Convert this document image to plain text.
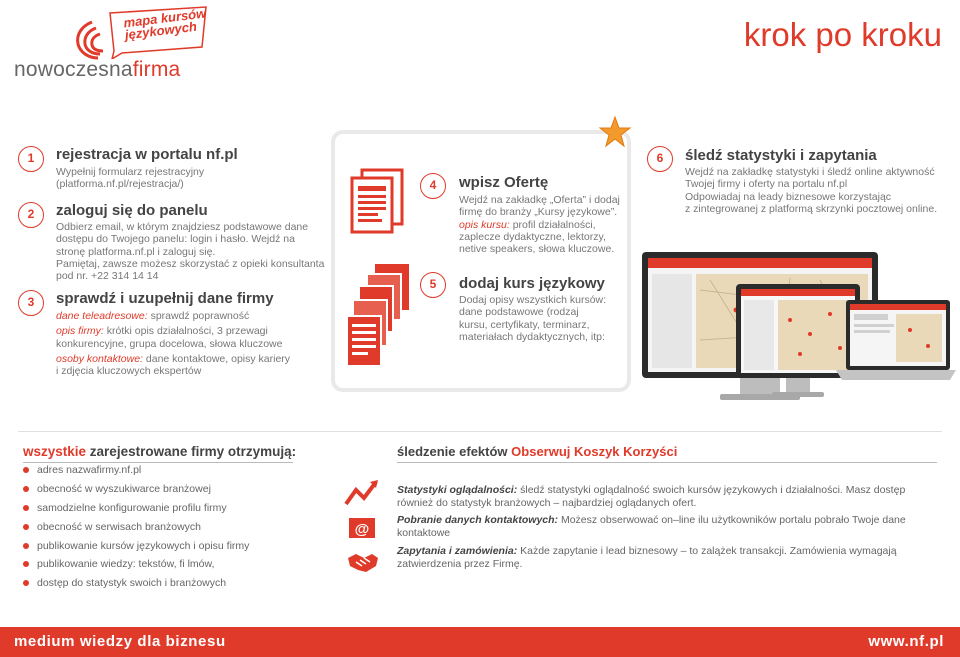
nowoczesnafirma
mapa kursów językowych	krok po kroku
1	rejestracja w portalu nf.pl
Wypełnij formularz rejestracyjny
(platforma.nf.pl/rejestracja/)
2	zaloguj się do panelu
Odbierz email, w którym znajdziesz podstawowe dane
dostępu do Twojego panelu: login i hasło. Wejdź na
stronę platforma.nf.pl i zaloguj się.
Pamiętaj, zawsze możesz skorzystać z opieki konsultanta
pod nr. +22 314 14 14
3	sprawdź i uzupełnij dane firmy
dane teleadresowe: sprawdź poprawność
opis firmy: krótki opis działalności, 3 przewagi
konkurencyjne, grupa docelowa, słowa kluczowe
osoby kontaktowe: dane kontaktowe, opisy kariery
i zdjęcia kluczowych ekspertów
4	wpisz Ofertę
Wejdź na zakładkę „Oferta” i dodaj
firmę do branży „Kursy językowe”.
opis kursu: profil działalności,
zaplecze dydaktyczne, lektorzy,
netive speakers, słowa kluczowe.
5	dodaj kurs językowy
Dodaj opisy wszystkich kursów:
dane podstawowe (rodzaj
kursu, certyfikaty, terminarz,
materiałach dydaktycznych, itp:
6	śledź statystyki i zapytania
Wejdź na zakładkę statystyki i śledź online aktywność
Twojej firmy i oferty na portalu nf.pl
Odpowiadaj na leady biznesowe korzystając
z zintegrowanej z platformą skrzynki pocztowej online.
wszystkie zarejestrowane firmy otrzymują:
adres nazwafirmy.nf.pl
obecność w wyszukiwarce branżowej
samodzielne konfigurowanie profilu firmy
obecność w serwisach branżowych
publikowanie kursów językowych i opisu firmy
publikowanie wiedzy: tekstów, fi lmów,
dostęp do statystyk swoich i branżowych
@
śledzenie efektów Obserwuj Koszyk Korzyści
Statystyki oglądalności: śledź statystyki oglądalność swoich kursów językowych i działalności. Masz dostęp również do statystyk branżowych – najbardziej oglądanych ofert.
Pobranie danych kontaktowych: Możesz obserwować on–line ilu użytkowników portalu pobrało Twoje dane kontaktowe
Zapytania i zamówienia: Każde zapytanie i lead biznesowy – to zalążek transakcji. Zamówienia wymagają zatwierdzenia przez Firmę.
medium wiedzy dla biznesu	www.nf.pl
